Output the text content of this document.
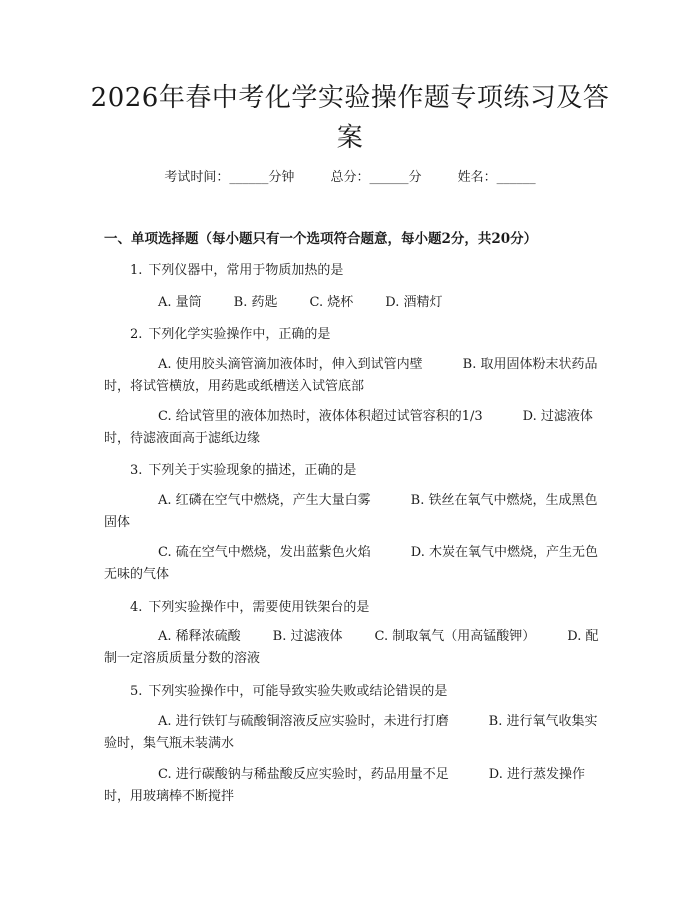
2026年春中考化学实验操作题专项练习及答案
考试时间：______分钟	总分：______分	姓名：______
一、单项选择题（每小题只有一个选项符合题意，每小题2分，共20分）
1. 下列仪器中，常用于物质加热的是
A. 量筒 B. 药匙 C. 烧杯 D. 酒精灯
2. 下列化学实验操作中，正确的是
A. 使用胶头滴管滴加液体时，伸入到试管内壁	B. 取用固体粉末状药品时，将试管横放，用药匙或纸槽送入试管底部
C. 给试管里的液体加热时，液体体积超过试管容积的1/3	D. 过滤液体时，待滤液面高于滤纸边缘
3. 下列关于实验现象的描述，正确的是
A. 红磷在空气中燃烧，产生大量白雾	B. 铁丝在氧气中燃烧，生成黑色固体
C. 硫在空气中燃烧，发出蓝紫色火焰	D. 木炭在氧气中燃烧，产生无色无味的气体
4. 下列实验操作中，需要使用铁架台的是
A. 稀释浓硫酸 B. 过滤液体 C. 制取氧气（用高锰酸钾） D. 配制一定溶质质量分数的溶液
5. 下列实验操作中，可能导致实验失败或结论错误的是
A. 进行铁钉与硫酸铜溶液反应实验时，未进行打磨	B. 进行氧气收集实验时，集气瓶未装满水
C. 进行碳酸钠与稀盐酸反应实验时，药品用量不足	D. 进行蒸发操作时，用玻璃棒不断搅拌
